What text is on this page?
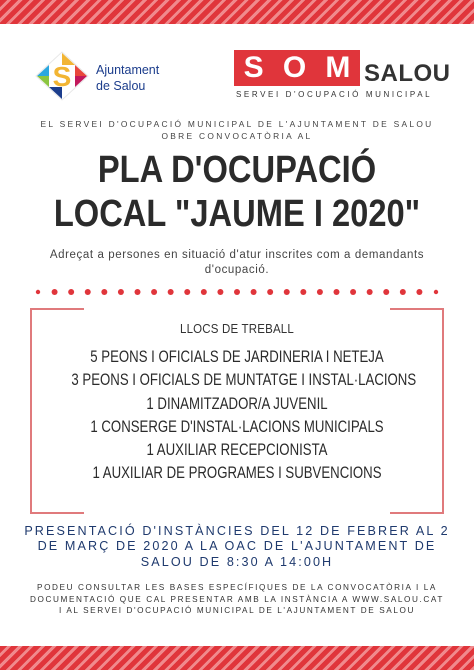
S Ajuntament
de Salou
S O M SALOU
SERVEI D'OCUPACIÓ MUNICIPAL
EL SERVEI D'OCUPACIÓ MUNICIPAL DE L'AJUNTAMENT DE SALOU OBRE CONVOCATÒRIA AL
PLA D'OCUPACIÓ
LOCAL "JAUME I 2020"
Adreçat a persones en situació d'atur inscrites com a demandants d'ocupació.
LLOCS DE TREBALL
5 PEONS I OFICIALS DE JARDINERIA I NETEJA
3 PEONS I OFICIALS DE MUNTATGE I INSTAL·LACIONS
1 DINAMITZADOR/A JUVENIL
1 CONSERGE D'INSTAL·LACIONS MUNICIPALS
1 AUXILIAR RECEPCIONISTA
1 AUXILIAR DE PROGRAMES I SUBVENCIONS
PRESENTACIÓ D'INSTÀNCIES DEL 12 DE FEBRER AL 2 DE MARÇ DE 2020 A LA OAC DE L'AJUNTAMENT DE SALOU DE 8:30 A 14:00H
PODEU CONSULTAR LES BASES ESPECÍFIQUES DE LA CONVOCATÒRIA I LA DOCUMENTACIÓ QUE CAL PRESENTAR AMB LA INSTÀNCIA A WWW.SALOU.CAT I AL SERVEI D'OCUPACIÓ MUNICIPAL DE L'AJUNTAMENT DE SALOU
